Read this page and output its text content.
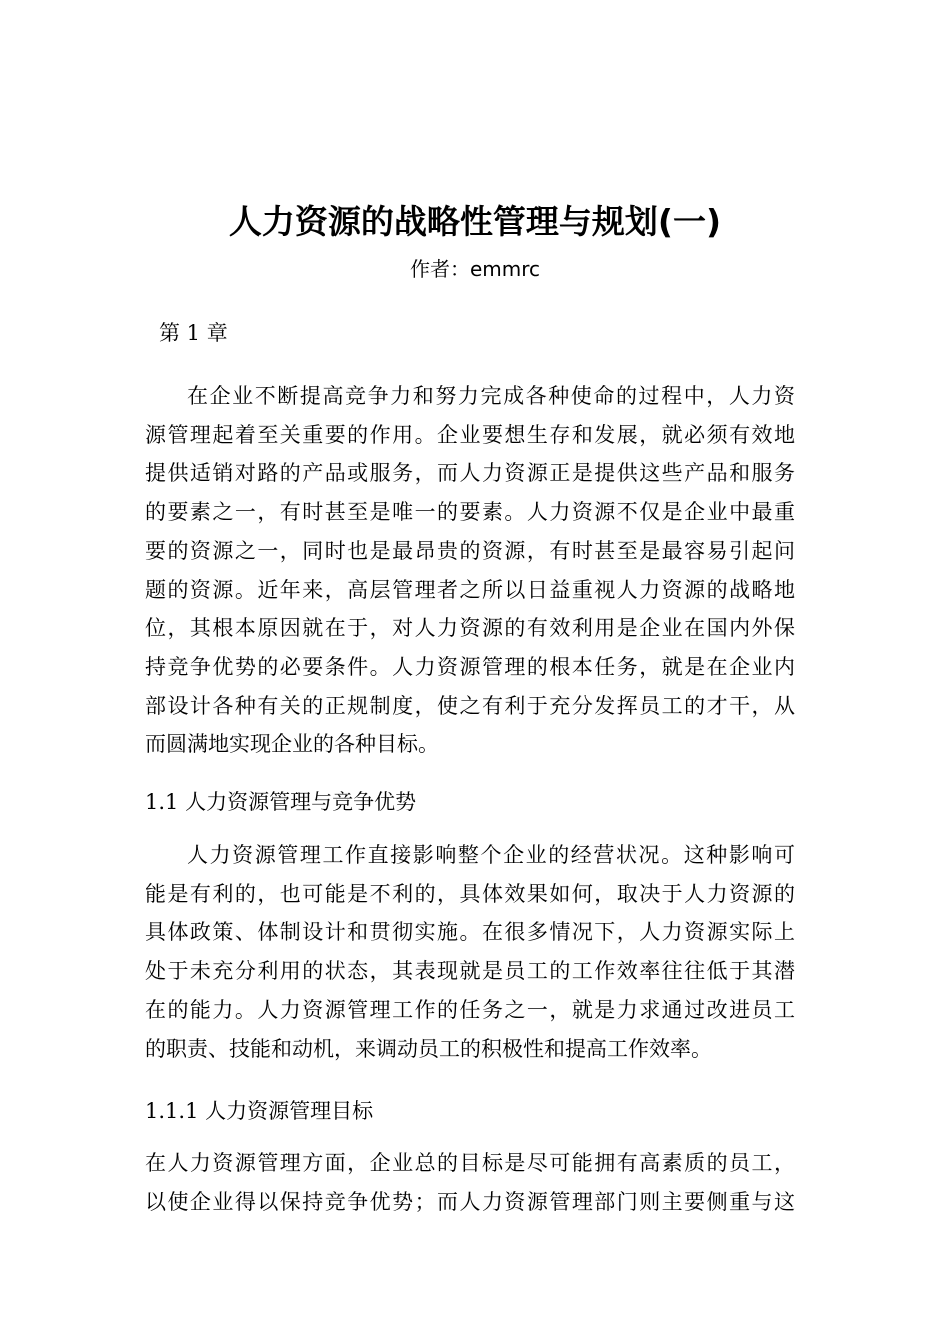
人力资源的战略性管理与规划(一)
作者：emmrc
第 1 章
在企业不断提高竞争力和努力完成各种使命的过程中，人力资
源管理起着至关重要的作用。企业要想生存和发展，就必须有效地
提供适销对路的产品或服务，而人力资源正是提供这些产品和服务
的要素之一，有时甚至是唯一的要素。人力资源不仅是企业中最重
要的资源之一，同时也是最昂贵的资源，有时甚至是最容易引起问
题的资源。近年来，高层管理者之所以日益重视人力资源的战略地
位，其根本原因就在于，对人力资源的有效利用是企业在国内外保
持竞争优势的必要条件。人力资源管理的根本任务，就是在企业内
部设计各种有关的正规制度，使之有利于充分发挥员工的才干，从
而圆满地实现企业的各种目标。
1.1 人力资源管理与竞争优势
人力资源管理工作直接影响整个企业的经营状况。这种影响可
能是有利的，也可能是不利的，具体效果如何，取决于人力资源的
具体政策、体制设计和贯彻实施。在很多情况下，人力资源实际上
处于未充分利用的状态，其表现就是员工的工作效率往往低于其潜
在的能力。人力资源管理工作的任务之一，就是力求通过改进员工
的职责、技能和动机，来调动员工的积极性和提高工作效率。
1.1.1 人力资源管理目标
在人力资源管理方面，企业总的目标是尽可能拥有高素质的员工，
以使企业得以保持竞争优势；而人力资源管理部门则主要侧重与这
